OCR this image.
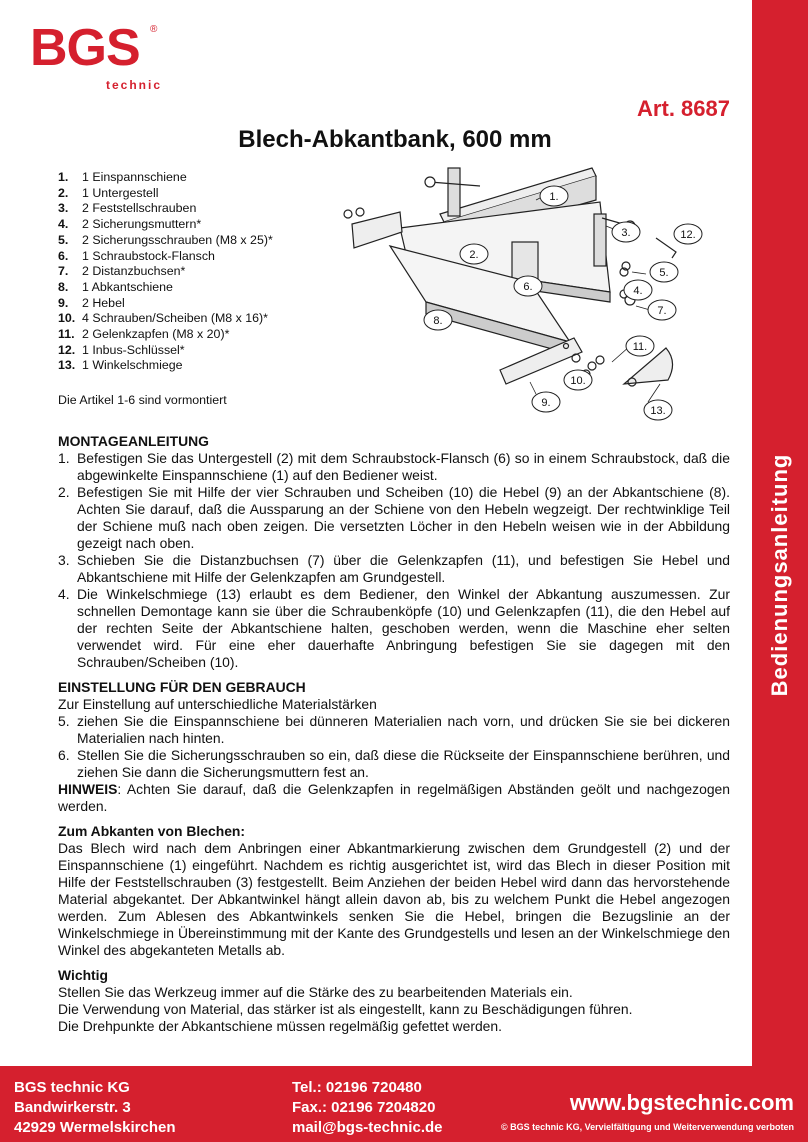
BGS ®
technic
Art. 8687
Blech-Abkantbank, 600 mm
1. 1 Einspannschiene
2. 1 Untergestell
3. 2 Feststellschrauben
4. 2 Sicherungsmuttern*
5. 2 Sicherungsschrauben (M8 x 25)*
6. 1 Schraubstock-Flansch
7. 2 Distanzbuchsen*
8. 1 Abkantschiene
9. 2 Hebel
10. 4 Schrauben/Scheiben (M8 x 16)*
11. 2 Gelenkzapfen (M8 x 20)*
12. 1 Inbus-Schlüssel*
13. 1 Winkelschmiege
Die Artikel 1-6 sind vormontiert
1.
2.
3.
4.
5.
6.
7.
8.
9.
10.
11.
12.
13.
Bedienungsanleitung
MONTAGEANLEITUNG
1. Befestigen Sie das Untergestell (2) mit dem Schraubstock-Flansch (6) so in einem Schraubstock, daß die abgewinkelte Einspannschiene (1) auf den Bediener weist.
2. Befestigen Sie mit Hilfe der vier Schrauben und Scheiben (10) die Hebel (9) an der Abkantschiene (8). Achten Sie darauf, daß die Aussparung an der Schiene von den Hebeln wegzeigt. Der rechtwinklige Teil der Schiene muß nach oben zeigen. Die versetzten Löcher in den Hebeln weisen wie in der Abbildung gezeigt nach oben.
3. Schieben Sie die Distanzbuchsen (7) über die Gelenkzapfen (11), und befestigen Sie Hebel und Abkantschiene mit Hilfe der Gelenkzapfen am Grundgestell.
4. Die Winkelschmiege (13) erlaubt es dem Bediener, den Winkel der Abkantung auszumessen. Zur schnellen Demontage kann sie über die Schraubenköpfe (10) und Gelenkzapfen (11), die den Hebel auf der rechten Seite der Abkantschiene halten, geschoben werden, wenn die Maschine eher selten verwendet wird. Für eine eher dauerhafte Anbringung befestigen Sie sie dagegen mit den Schrauben/Scheiben (10).
EINSTELLUNG FÜR DEN GEBRAUCH

Zur Einstellung auf unterschiedliche Materialstärken

5. ziehen Sie die Einspannschiene bei dünneren Materialien nach vorn, und drücken Sie sie bei dickeren Materialien nach hinten.
6. Stellen Sie die Sicherungsschrauben so ein, daß diese die Rückseite der Einspannschiene berühren, und ziehen Sie dann die Sicherungsmuttern fest an.

HINWEIS: Achten Sie darauf, daß die Gelenkzapfen in regelmäßigen Abständen geölt und nachgezogen werden.

Zum Abkanten von Blechen:

Das Blech wird nach dem Anbringen einer Abkantmarkierung zwischen dem Grundgestell (2) und der Einspannschiene (1) eingeführt. Nachdem es richtig ausgerichtet ist, wird das Blech in dieser Position mit Hilfe der Feststellschrauben (3) festgestellt. Beim Anziehen der beiden Hebel wird dann das hervorstehende Material abgekantet. Der Abkantwinkel hängt allein davon ab, bis zu welchem Punkt die Hebel angezogen werden. Zum Ablesen des Abkantwinkels senken Sie die Hebel, bringen die Bezugslinie an der Winkelschmiege in Übereinstimmung mit der Kante des Grundgestells und lesen an der Winkelschmiege den Winkel des abgekanteten Metalls ab.

Wichtig

Stellen Sie das Werkzeug immer auf die Stärke des zu bearbeitenden Materials ein.

Die Verwendung von Material, das stärker ist als eingestellt, kann zu Beschädigungen führen.

Die Drehpunkte der Abkantschiene müssen regelmäßig gefettet werden.

BGS technic KG
Bandwirkerstr. 3
42929 Wermelskirchen
Tel.: 02196 720480
Fax.: 02196 7204820
mail@bgs-technic.de
www.bgstechnic.com
© BGS technic KG, Vervielfältigung und Weiterverwendung verboten
